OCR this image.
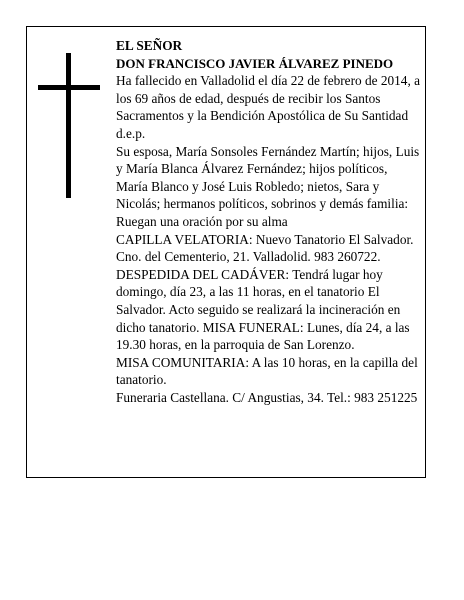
EL SEÑOR

DON FRANCISCO JAVIER ÁLVAREZ PINEDO

Ha fallecido en Valladolid el día 22 de febrero de 2014, a los 69 años de edad, después de recibir los Santos Sacramentos y la Bendición Apostólica de Su Santidad d.e.p.

Su esposa, María Sonsoles Fernández Martín; hijos, Luis y María Blanca Álvarez Fernández; hijos políticos, María Blanco y José Luis Robledo; nietos, Sara y Nicolás; hermanos políticos, sobrinos y demás familia:

Ruegan una oración por su alma

CAPILLA VELATORIA: Nuevo Tanatorio El Salvador. Cno. del Cementerio, 21. Valladolid. 983 260722.

DESPEDIDA DEL CADÁVER: Tendrá lugar hoy domingo, día 23, a las 11 horas, en el tanatorio El Salvador. Acto seguido se realizará la incineración en dicho tanatorio. MISA FUNERAL: Lunes, día 24, a las 19.30 horas, en la parroquia de San Lorenzo.

MISA COMUNITARIA: A las 10 horas, en la capilla del tanatorio.

Funeraria Castellana. C/ Angustias, 34. Tel.: 983 251225
